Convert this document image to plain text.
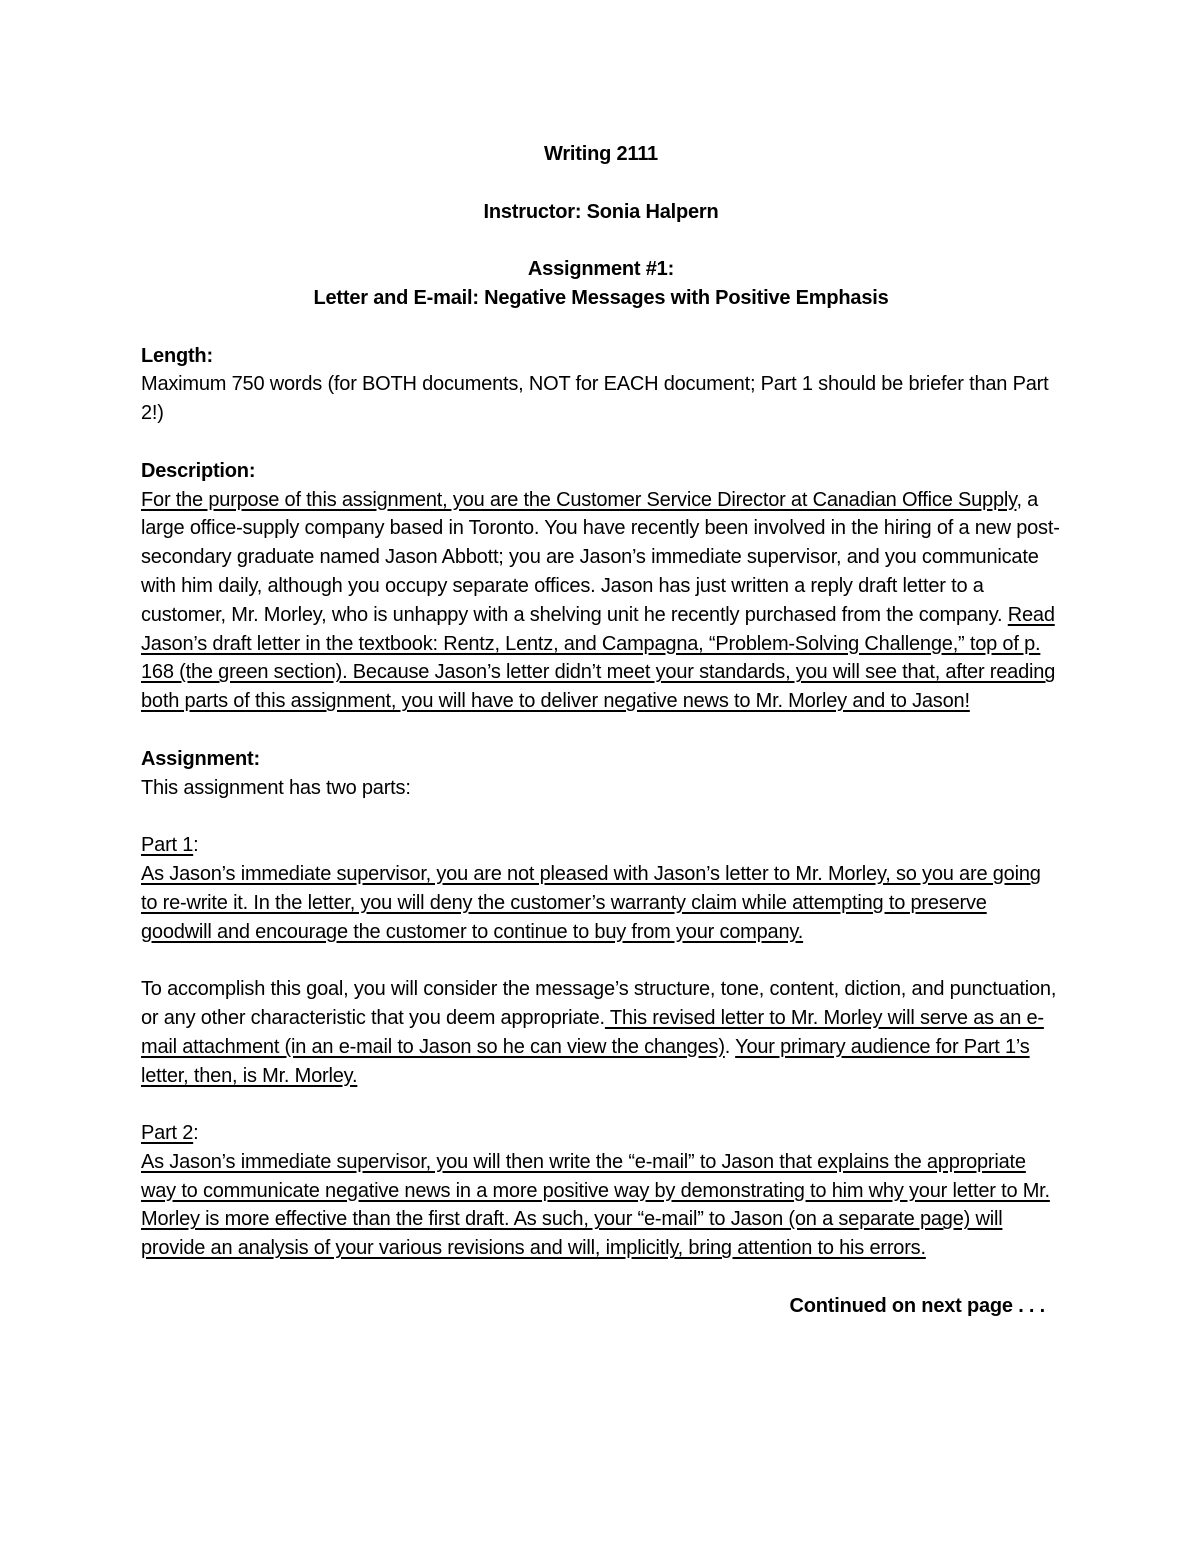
Writing 2111

Instructor: Sonia Halpern

Assignment #1:

Letter and E-mail: Negative Messages with Positive Emphasis

Length:

Maximum 750 words (for BOTH documents, NOT for EACH document; Part 1 should be briefer than Part 2!)

Description:

For the purpose of this assignment, you are the Customer Service Director at Canadian Office Supply, a large office-supply company based in Toronto. You have recently been involved in the hiring of a new post-secondary graduate named Jason Abbott; you are Jason’s immediate supervisor, and you communicate with him daily, although you occupy separate offices. Jason has just written a reply draft letter to a customer, Mr. Morley, who is unhappy with a shelving unit he recently purchased from the company. Read Jason’s draft letter in the textbook: Rentz, Lentz, and Campagna, “Problem-Solving Challenge,” top of p. 168 (the green section). Because Jason’s letter didn’t meet your standards, you will see that, after reading both parts of this assignment, you will have to deliver negative news to Mr. Morley and to Jason!

Assignment:

This assignment has two parts:

Part 1:

As Jason’s immediate supervisor, you are not pleased with Jason’s letter to Mr. Morley, so you are going to re-write it. In the letter, you will deny the customer’s warranty claim while attempting to preserve goodwill and encourage the customer to continue to buy from your company.

To accomplish this goal, you will consider the message’s structure, tone, content, diction, and punctuation, or any other characteristic that you deem appropriate. This revised letter to Mr. Morley will serve as an e-mail attachment (in an e-mail to Jason so he can view the changes). Your primary audience for Part 1’s letter, then, is Mr. Morley.

Part 2:

As Jason’s immediate supervisor, you will then write the “e-mail” to Jason that explains the appropriate way to communicate negative news in a more positive way by demonstrating to him why your letter to Mr. Morley is more effective than the first draft. As such, your “e-mail” to Jason (on a separate page) will provide an analysis of your various revisions and will, implicitly, bring attention to his errors.

Continued on next page . . .
